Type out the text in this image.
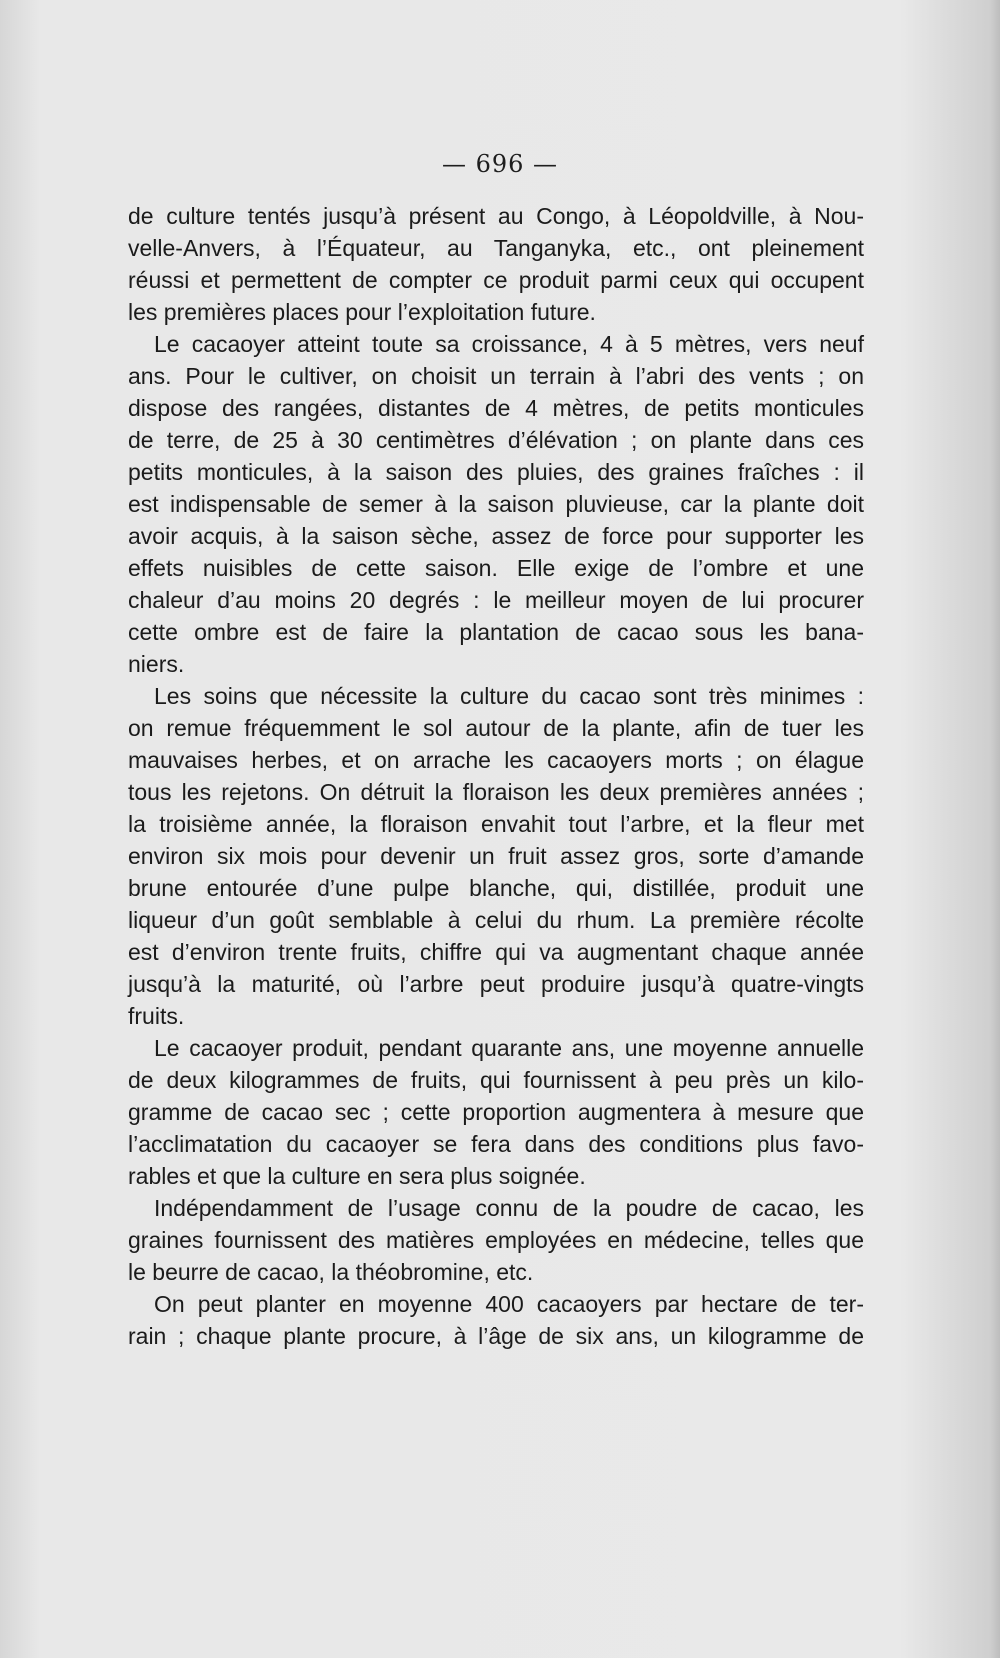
— 696 —

de culture tentés jusqu’à présent au Congo, à Léopoldville, à Nou-
velle-Anvers, à l’Équateur, au Tanganyka, etc., ont pleinement
réussi et permettent de compter ce produit parmi ceux qui occupent
les premières places pour l’exploitation future.

Le cacaoyer atteint toute sa croissance, 4 à 5 mètres, vers neuf
ans. Pour le cultiver, on choisit un terrain à l’abri des vents ; on
dispose des rangées, distantes de 4 mètres, de petits monticules
de terre, de 25 à 30 centimètres d’élévation ; on plante dans ces
petits monticules, à la saison des pluies, des graines fraîches : il
est indispensable de semer à la saison pluvieuse, car la plante doit
avoir acquis, à la saison sèche, assez de force pour supporter les
effets nuisibles de cette saison. Elle exige de l’ombre et une
chaleur d’au moins 20 degrés : le meilleur moyen de lui procurer
cette ombre est de faire la plantation de cacao sous les bana-
niers.

Les soins que nécessite la culture du cacao sont très minimes :
on remue fréquemment le sol autour de la plante, afin de tuer les
mauvaises herbes, et on arrache les cacaoyers morts ; on élague
tous les rejetons. On détruit la floraison les deux premières années ;
la troisième année, la floraison envahit tout l’arbre, et la fleur met
environ six mois pour devenir un fruit assez gros, sorte d’amande
brune entourée d’une pulpe blanche, qui, distillée, produit une
liqueur d’un goût semblable à celui du rhum. La première récolte
est d’environ trente fruits, chiffre qui va augmentant chaque année
jusqu’à la maturité, où l’arbre peut produire jusqu’à quatre-vingts
fruits.

Le cacaoyer produit, pendant quarante ans, une moyenne annuelle
de deux kilogrammes de fruits, qui fournissent à peu près un kilo-
gramme de cacao sec ; cette proportion augmentera à mesure que
l’acclimatation du cacaoyer se fera dans des conditions plus favo-
rables et que la culture en sera plus soignée.

Indépendamment de l’usage connu de la poudre de cacao, les
graines fournissent des matières employées en médecine, telles que
le beurre de cacao, la théobromine, etc.

On peut planter en moyenne 400 cacaoyers par hectare de ter-
rain ; chaque plante procure, à l’âge de six ans, un kilogramme de
